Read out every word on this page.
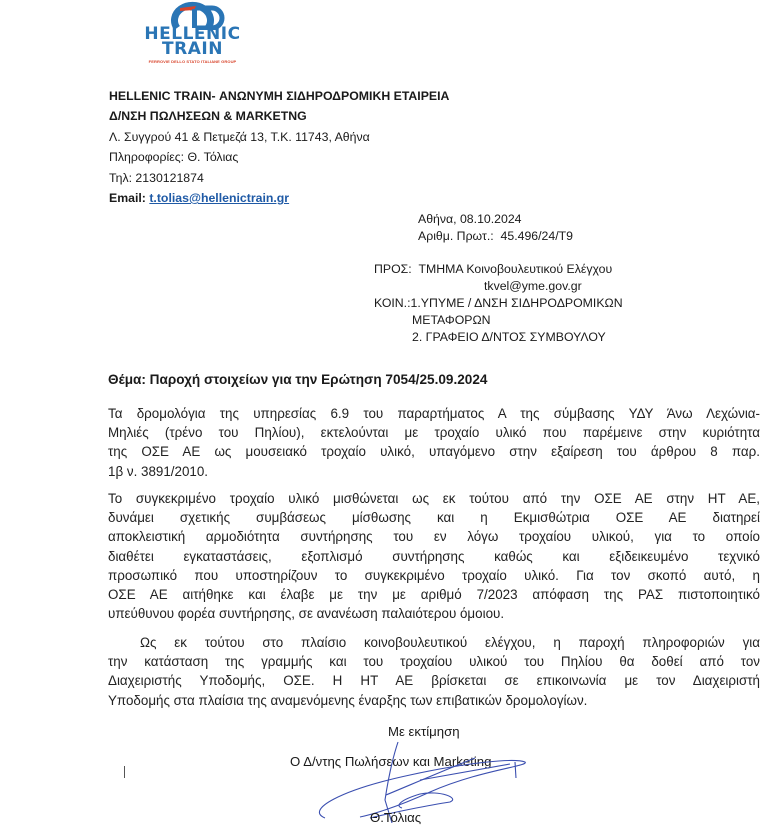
HELLENIC
TRAIN
FERROVIE DELLO STATO ITALIANE GROUP
HELLENIC TRAIN- ΑΝΩΝΥΜΗ ΣΙΔΗΡΟΔΡΟΜΙΚΗ ΕΤΑΙΡΕΙΑ
Δ/ΝΣΗ ΠΩΛΗΣΕΩΝ & MARKETNG
Λ. Συγγρού 41 & Πετμεζά 13, Τ.Κ. 11743, Αθήνα
Πληροφορίες: Θ. Τόλιας
Τηλ: 2130121874
Email: t.tolias@hellenictrain.gr
Αθήνα, 08.10.2024
Αριθμ. Πρωτ.:  45.496/24/Τ9
ΠΡΟΣ: ΤΜΗΜΑ Κοινοβουλευτικού Ελέγχου
tkvel@yme.gov.gr
ΚΟΙΝ.:1.ΥΠΥΜΕ / ΔΝΣΗ ΣΙΔΗΡΟΔΡΟΜΙΚΩΝ
ΜΕΤΑΦΟΡΩΝ
2. ΓΡΑΦΕΙΟ Δ/ΝΤΟΣ ΣΥΜΒΟΥΛΟΥ
Θέμα: Παροχή στοιχείων για την Ερώτηση 7054/25.09.2024
Τα δρομολόγια της υπηρεσίας 6.9 του παραρτήματος Α της σύμβασης ΥΔΥ Άνω Λεχώνια-
Μηλιές (τρένο του Πηλίου), εκτελούνται με τροχαίο υλικό που παρέμεινε στην κυριότητα
της ΟΣΕ ΑΕ ως μουσειακό τροχαίο υλικό, υπαγόμενο στην εξαίρεση του άρθρου 8 παρ.
1β ν. 3891/2010.
Το συγκεκριμένο τροχαίο υλικό μισθώνεται ως εκ τούτου από την ΟΣΕ ΑΕ στην ΗΤ ΑΕ,
δυνάμει σχετικής συμβάσεως μίσθωσης και η Εκμισθώτρια ΟΣΕ ΑΕ διατηρεί
αποκλειστική αρμοδιότητα συντήρησης του εν λόγω τροχαίου υλικού, για το οποίο
διαθέτει εγκαταστάσεις, εξοπλισμό συντήρησης καθώς και εξιδεικευμένο τεχνικό
προσωπικό που υποστηρίζουν το συγκεκριμένο τροχαίο υλικό. Για τον σκοπό αυτό, η
ΟΣΕ ΑΕ αιτήθηκε και έλαβε με την με αριθμό 7/2023 απόφαση της ΡΑΣ πιστοποιητικό
υπεύθυνου φορέα συντήρησης, σε ανανέωση παλαιότερου όμοιου.
Ως εκ τούτου στο πλαίσιο κοινοβουλευτικού ελέγχου, η παροχή πληροφοριών για
την κατάσταση της γραμμής και του τροχαίου υλικού του Πηλίου θα δοθεί από τον
Διαχειριστής Υποδομής, ΟΣΕ. Η ΗΤ ΑΕ βρίσκεται σε επικοινωνία με τον Διαχειριστή
Υποδομής στα πλαίσια της αναμενόμενης έναρξης των επιβατικών δρομολογίων.
Με εκτίμηση
Ο Δ/ντης Πωλήσεων και Marketing
Θ.Τόλιας
